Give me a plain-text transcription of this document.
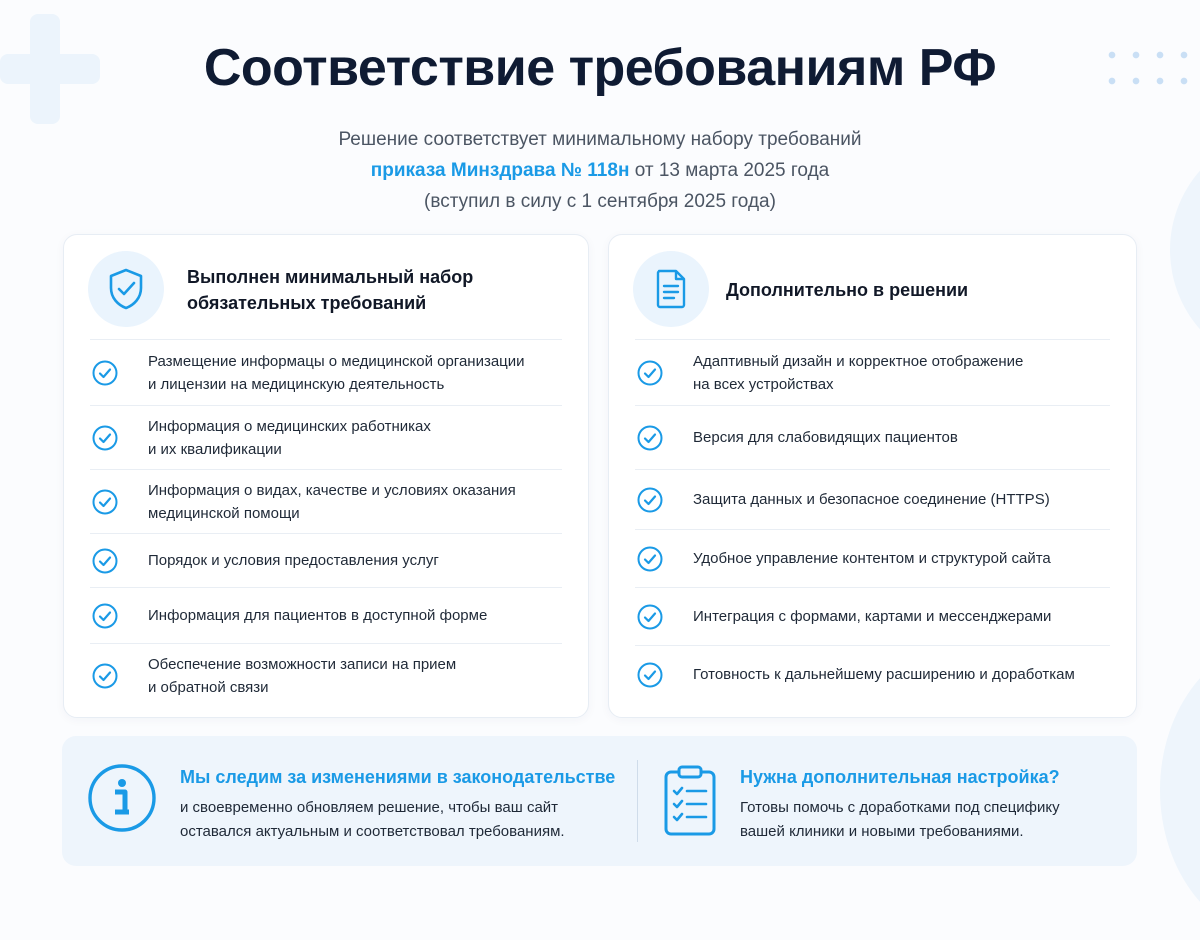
Соответствие требованиям РФ
Решение соответствует минимальному набору требований
приказа Минздрава № 118н от 13 марта 2025 года
(вступил в силу с 1 сентября 2025 года)
Выполнен минимальный набор обязательных требований
Размещение информацы о медицинской организации
и лицензии на медицинскую деятельность
Информация о медицинских работниках
и их квалификации
Информация о видах, качестве и условиях оказания
медицинской помощи
Порядок и условия предоставления услуг
Информация для пациентов в доступной форме
Обеспечение возможности записи на прием
и обратной связи
Дополнительно в решении
Адаптивный дизайн и корректное отображение
на всех устройствах
Версия для слабовидящих пациентов
Защита данных и безопасное соединение (HTTPS)
Удобное управление контентом и структурой сайта
Интеграция с формами, картами и мессенджерами
Готовность к дальнейшему расширению и доработкам
Мы следим за изменениями в законодательстве
и своевременно обновляем решение, чтобы ваш сайт
оставался актуальным и соответствовал требованиям.
Нужна дополнительная настройка?
Готовы помочь с доработками под специфику
вашей клиники и новыми требованиями.
